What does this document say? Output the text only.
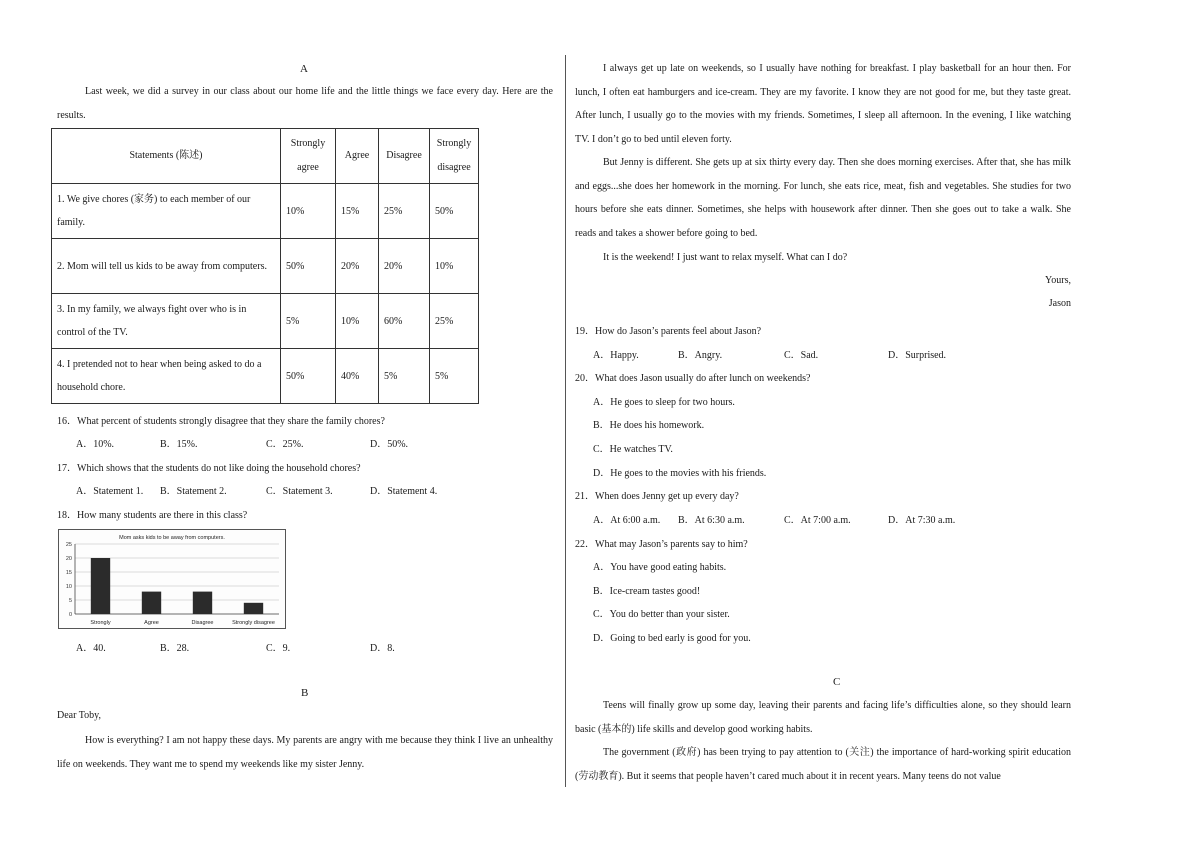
A
Last week, we did a survey in our class about our home life and the little things we face every day. Here are the results.
Statements (陈述)	Strongly agree	Agree	Disagree	Strongly disagree
1. We give chores (家务) to each member of our family.	10%	15%	25%	50%
2. Mom will tell us kids to be away from computers.	50%	20%	20%	10%
3. In my family, we always fight over who is in control of the TV.	5%	10%	60%	25%
4. I pretended not to hear when being asked to do a household chore.	50%	40%	5%	5%
16．What percent of students strongly disagree that they share the family chores?
A．10%.	B．15%.	C．25%.	D．50%.
17．Which shows that the students do not like doing the household chores?
A．Statement 1. B．Statement 2.	C．Statement 3.	D．Statement 4.
18．How many students are there in this class?
Mom asks kids to be away from computers.
0
5
10
15
20
25
Strongly	Agree	Disagree	Strongly disagree
A．40.	B．28.	C．9.	D．8.
B
Dear Toby,
How is everything? I am not happy these days. My parents are angry with me because they think I live an unhealthy life on weekends. They want me to spend my weekends like my sister Jenny.
I always get up late on weekends, so I usually have nothing for breakfast. I play basketball for an hour then. For lunch, I often eat hamburgers and ice-cream. They are my favorite. I know they are not good for me, but they taste great. After lunch, I usually go to the movies with my friends. Sometimes, I sleep all afternoon. In the evening, I like watching TV. I don’t go to bed until eleven forty.
But Jenny is different. She gets up at six thirty every day. Then she does morning exercises. After that, she has milk and eggs...she does her homework in the morning. For lunch, she eats rice, meat, fish and vegetables. She studies for two hours before she eats dinner. Sometimes, she helps with housework after dinner. Then she goes out to take a walk. She reads and takes a shower before going to bed.
It is the weekend! I just want to relax myself. What can I do?
Yours,
Jason
19．How do Jason’s parents feel about Jason?
A．Happy.	B．Angry.	C．Sad.	D．Surprised.
20．What does Jason usually do after lunch on weekends?
A．He goes to sleep for two hours.
B．He does his homework.
C．He watches TV.
D．He goes to the movies with his friends.
21．When does Jenny get up every day?
A．At 6:00 a.m. B．At 6:30 a.m.	C．At 7:00 a.m.	D．At 7:30 a.m.
22．What may Jason’s parents say to him?
A．You have good eating habits.
B．Ice-cream tastes good!
C．You do better than your sister.
D．Going to bed early is good for you.
C
Teens will finally grow up some day, leaving their parents and facing life’s difficulties alone, so they should learn basic (基本的) life skills and develop good working habits.
The government (政府) has been trying to pay attention to (关注) the importance of hard-working spirit education (劳动教育). But it seems that people haven’t cared much about it in recent years. Many teens do not value
